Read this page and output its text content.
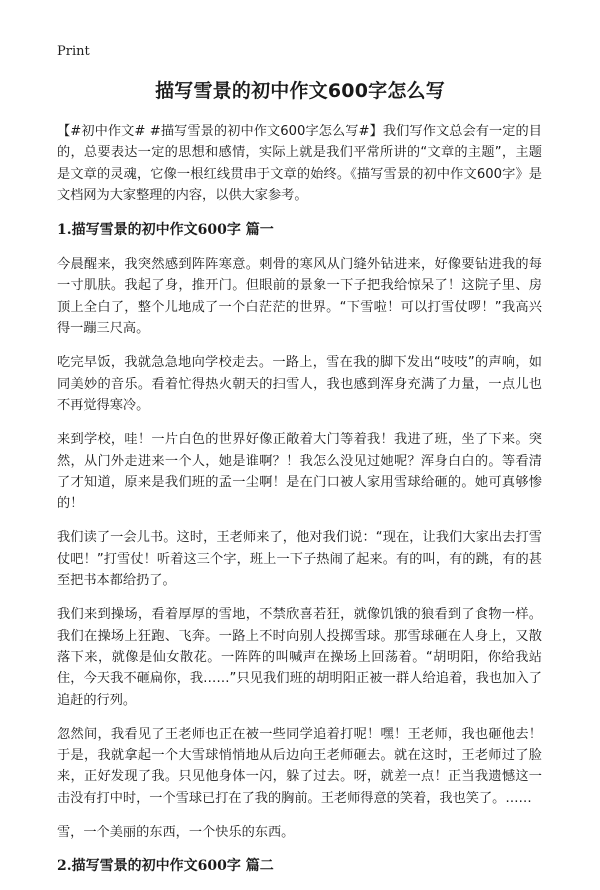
Print
描写雪景的初中作文600字怎么写

【#初中作文# #描写雪景的初中作文600字怎么写#】我们写作文总会有一定的目的，总要表达一定的思想和感情，实际上就是我们平常所讲的“文章的主题”，主题是文章的灵魂，它像一根红线贯串于文章的始终。《描写雪景的初中作文600字》是文档网为大家整理的内容，以供大家参考。

1.描写雪景的初中作文600字 篇一

今晨醒来，我突然感到阵阵寒意。刺骨的寒风从门缝外钻进来，好像要钻进我的每一寸肌肤。我起了身，推开门。但眼前的景象一下子把我给惊呆了！这院子里、房顶上全白了，整个儿地成了一个白茫茫的世界。“下雪啦！可以打雪仗啰！”我高兴得一蹦三尺高。

吃完早饭，我就急急地向学校走去。一路上，雪在我的脚下发出“吱吱”的声响，如同美妙的音乐。看着忙得热火朝天的扫雪人，我也感到浑身充满了力量，一点儿也不再觉得寒冷。

来到学校，哇！一片白色的世界好像正敞着大门等着我！我进了班，坐了下来。突然，从门外走进来一个人，她是谁啊？！我怎么没见过她呢？浑身白白的。等看清了才知道，原来是我们班的孟一尘啊！是在门口被人家用雪球给砸的。她可真够惨的！

我们读了一会儿书。这时，王老师来了，他对我们说：“现在，让我们大家出去打雪仗吧！”打雪仗！听着这三个字，班上一下子热闹了起来。有的叫，有的跳，有的甚至把书本都给扔了。

我们来到操场，看着厚厚的雪地，不禁欣喜若狂，就像饥饿的狼看到了食物一样。我们在操场上狂跑、飞奔。一路上不时向别人投掷雪球。那雪球砸在人身上，又散落下来，就像是仙女散花。一阵阵的叫喊声在操场上回荡着。“胡明阳，你给我站住，今天我不砸扁你，我……”只见我们班的胡明阳正被一群人给追着，我也加入了追赶的行列。

忽然间，我看见了王老师也正在被一些同学追着打呢！嘿！王老师，我也砸他去！于是，我就拿起一个大雪球悄悄地从后边向王老师砸去。就在这时，王老师过了脸来，正好发现了我。只见他身体一闪，躲了过去。呀，就差一点！正当我遗憾这一击没有打中时，一个雪球已打在了我的胸前。王老师得意的笑着，我也笑了。……

雪，一个美丽的东西，一个快乐的东西。

2.描写雪景的初中作文600字 篇二
